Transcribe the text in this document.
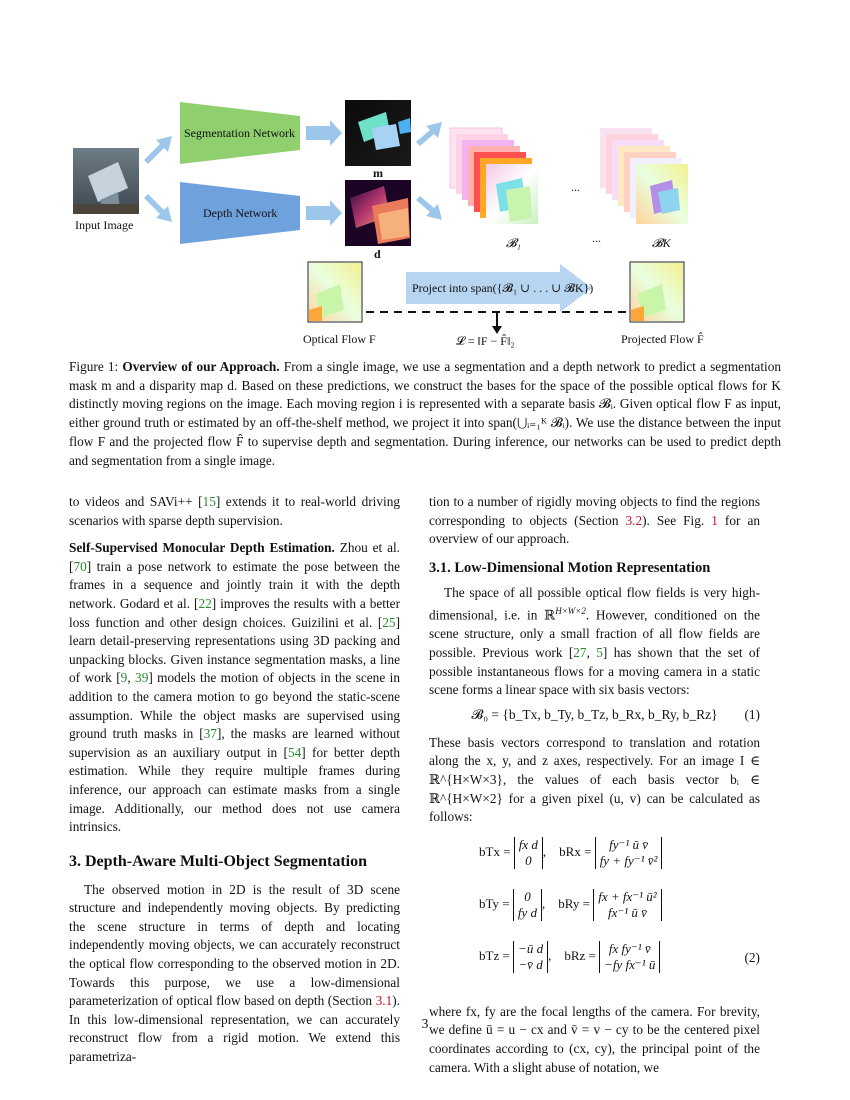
Input Image
Segmentation Network
Depth Network
m
d
𝓑₁	𝓑K
...
...
Project into span({𝓑₁ ∪ . . . ∪ 𝓑K})
𝓛 = ‖F − F̂‖₂
Optical Flow F	Projected Flow F̂
Figure 1: Overview of our Approach. From a single image, we use a segmentation and a depth network to predict a segmentation mask m and a disparity map d. Based on these predictions, we construct the bases for the space of the possible optical flows for K distinctly moving regions on the image. Each moving region i is represented with a separate basis 𝓑ᵢ. Given optical flow F as input, either ground truth or estimated by an off-the-shelf method, we project it into span(⋃ᵢ₌₁ᴷ 𝓑ᵢ). We use the distance between the input flow F and the projected flow F̂ to supervise depth and segmentation. During inference, our networks can be used to predict depth and segmentation from a single image.

to videos and SAVi++ [15] extends it to real-world driving scenarios with sparse depth supervision.

Self-Supervised Monocular Depth Estimation. Zhou et al. [70] train a pose network to estimate the pose between the frames in a sequence and jointly train it with the depth network. Godard et al. [22] improves the results with a better loss function and other design choices. Guizilini et al. [25] learn detail-preserving representations using 3D packing and unpacking blocks. Given instance segmentation masks, a line of work [9, 39] models the motion of objects in the scene in addition to the camera motion to go beyond the static-scene assumption. While the object masks are supervised using ground truth masks in [37], the masks are learned without supervision as an auxiliary output in [54] for better depth estimation. While they require multiple frames during inference, our approach can estimate masks from a single image. Additionally, our method does not use camera intrinsics.

3. Depth-Aware Multi-Object Segmentation

The observed motion in 2D is the result of 3D scene structure and independently moving objects. By predicting the scene structure in terms of depth and locating independently moving objects, we can accurately reconstruct the optical flow corresponding to the observed motion in 2D. Towards this purpose, we use a low-dimensional parameterization of optical flow based on depth (Section 3.1). In this low-dimensional representation, we can accurately reconstruct flow from a rigid motion. We extend this parametriza-

tion to a number of rigidly moving objects to find the regions corresponding to objects (Section 3.2). See Fig. 1 for an overview of our approach.

3.1. Low-Dimensional Motion Representation

The space of all possible optical flow fields is very high-dimensional, i.e. in ℝ$^{H\times W\times 2}$. However, conditioned on the scene structure, only a small fraction of all flow fields are possible. Previous work [27, 5] has shown that the set of possible instantaneous flows for a moving camera in a static scene forms a linear space with six basis vectors:

𝓑₀ = {b_Tx, b_Ty, b_Tz, b_Rx, b_Ry, b_Rz}	(1)

These basis vectors correspond to translation and rotation along the x, y, and z axes, respectively. For an image I ∈ ℝ^{H×W×3}, the values of each basis vector bᵢ ∈ ℝ^{H×W×2} for a given pixel (u, v) can be calculated as follows:

bTx = fx d
0,    bRx = fy⁻¹ ū v̄
fy + fy⁻¹ v̄²
bTy = 0
fy d,    bRy = fx + fx⁻¹ ū²
fx⁻¹ ū v̄
bTz = −ū d
−v̄ d,    bRz = fx fy⁻¹ v̄
−fy fx⁻¹ ū	(2)

where fx, fy are the focal lengths of the camera. For brevity, we define ū = u − cx and v̄ = v − cy to be the centered pixel coordinates according to (cx, cy), the principal point of the camera. With a slight abuse of notation, we

3
